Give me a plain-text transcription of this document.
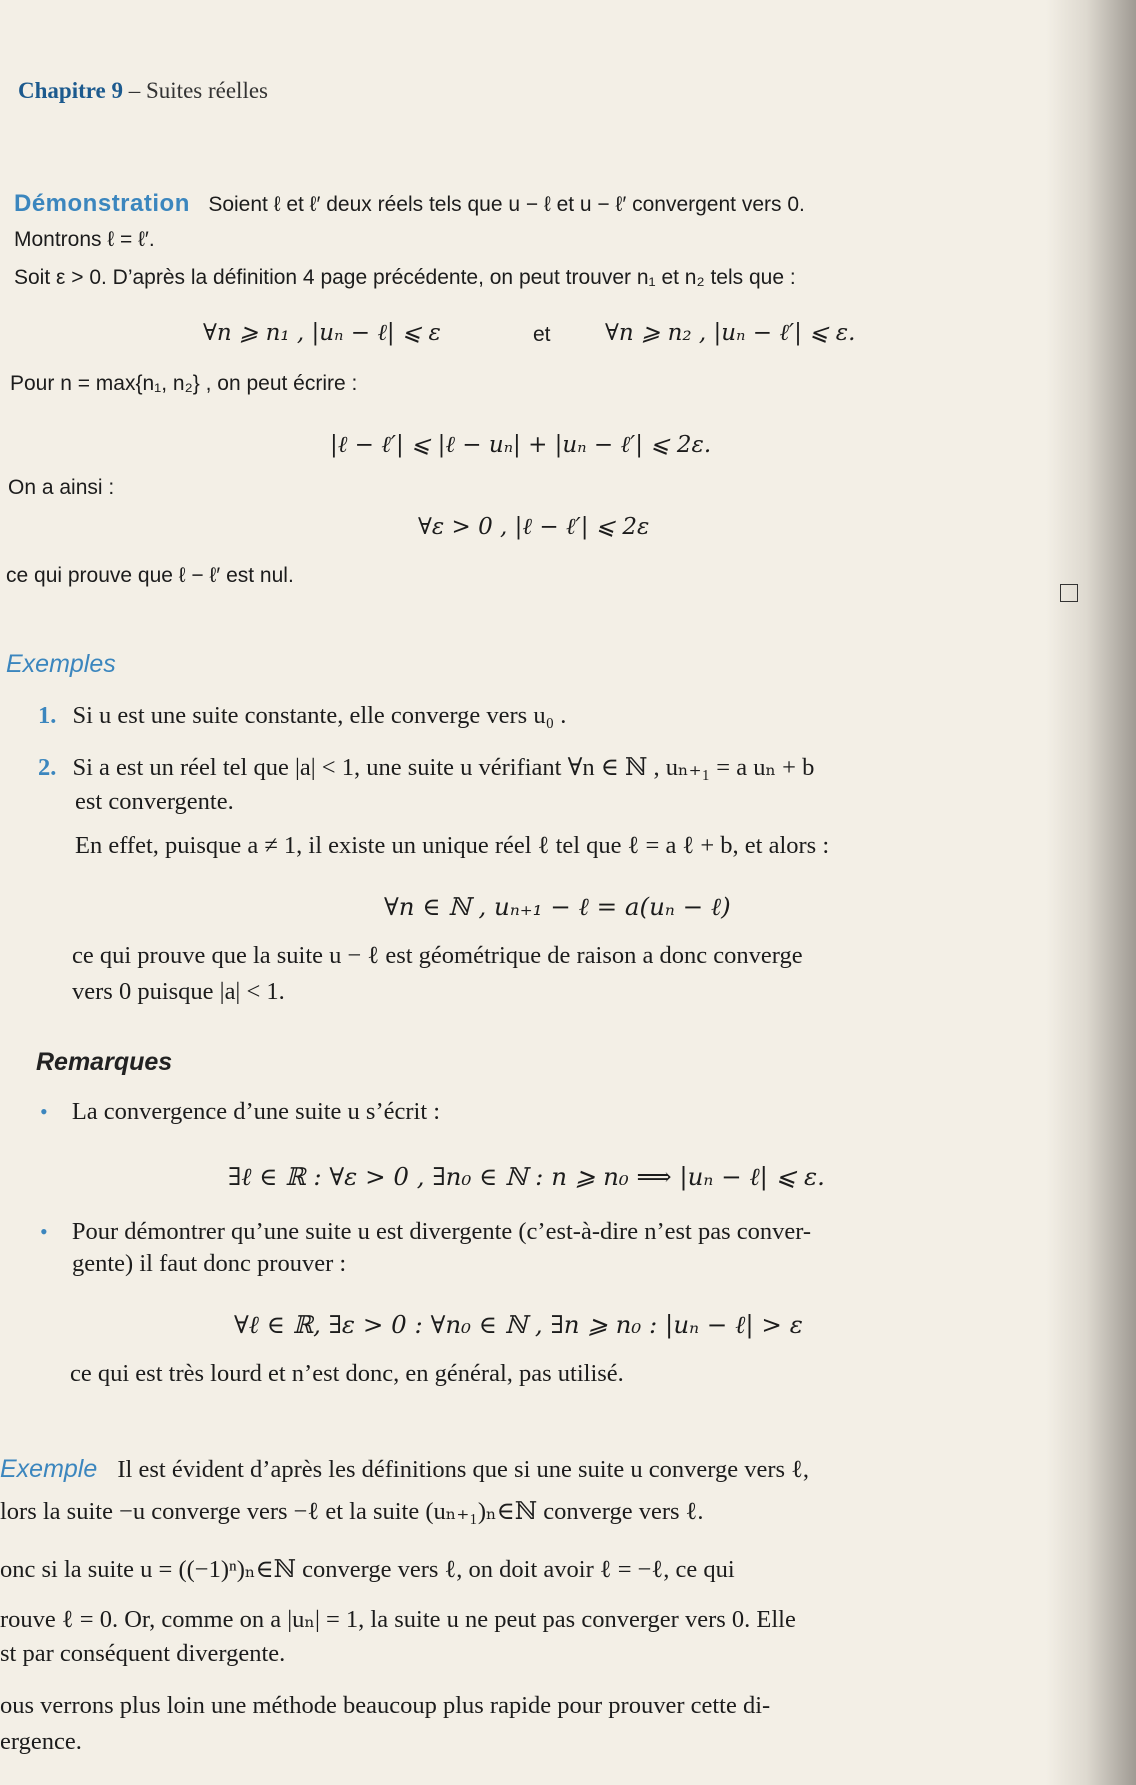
Chapitre 9 – Suites réelles
Démonstration Soient ℓ et ℓ′ deux réels tels que u − ℓ et u − ℓ′ convergent vers 0.
Montrons ℓ = ℓ′.
Soit ε > 0. D’après la définition 4 page précédente, on peut trouver n₁ et n₂ tels que :
∀n ⩾ n₁ , |uₙ − ℓ| ⩽ ε	et ∀n ⩾ n₂ , |uₙ − ℓ′| ⩽ ε.
Pour n = max{n₁, n₂} , on peut écrire :
|ℓ − ℓ′| ⩽ |ℓ − uₙ| + |uₙ − ℓ′| ⩽ 2ε.
On a ainsi :
∀ε > 0 , |ℓ − ℓ′| ⩽ 2ε
ce qui prouve que ℓ − ℓ′ est nul.
Exemples
1. Si u est une suite constante, elle converge vers u₀ .
2. Si a est un réel tel que |a| < 1, une suite u vérifiant ∀n ∈ ℕ , uₙ₊₁ = a uₙ + b
est convergente.
En effet, puisque a ≠ 1, il existe un unique réel ℓ tel que ℓ = a ℓ + b, et alors :
∀n ∈ ℕ , uₙ₊₁ − ℓ = a(uₙ − ℓ)
ce qui prouve que la suite u − ℓ est géométrique de raison a donc converge
vers 0 puisque |a| < 1.
Remarques
• La convergence d’une suite u s’écrit :
∃ℓ ∈ ℝ : ∀ε > 0 , ∃n₀ ∈ ℕ : n ⩾ n₀ ⟹ |uₙ − ℓ| ⩽ ε.
• Pour démontrer qu’une suite u est divergente (c’est-à-dire n’est pas conver-
gente) il faut donc prouver :
∀ℓ ∈ ℝ, ∃ε > 0 : ∀n₀ ∈ ℕ , ∃n ⩾ n₀ : |uₙ − ℓ| > ε
ce qui est très lourd et n’est donc, en général, pas utilisé.
Exemple Il est évident d’après les définitions que si une suite u converge vers ℓ,
lors la suite −u converge vers −ℓ et la suite (uₙ₊₁)ₙ∈ℕ converge vers ℓ.
onc si la suite u = ((−1)ⁿ)ₙ∈ℕ converge vers ℓ, on doit avoir ℓ = −ℓ, ce qui
rouve ℓ = 0. Or, comme on a |uₙ| = 1, la suite u ne peut pas converger vers 0. Elle
st par conséquent divergente.
ous verrons plus loin une méthode beaucoup plus rapide pour prouver cette di-
ergence.
